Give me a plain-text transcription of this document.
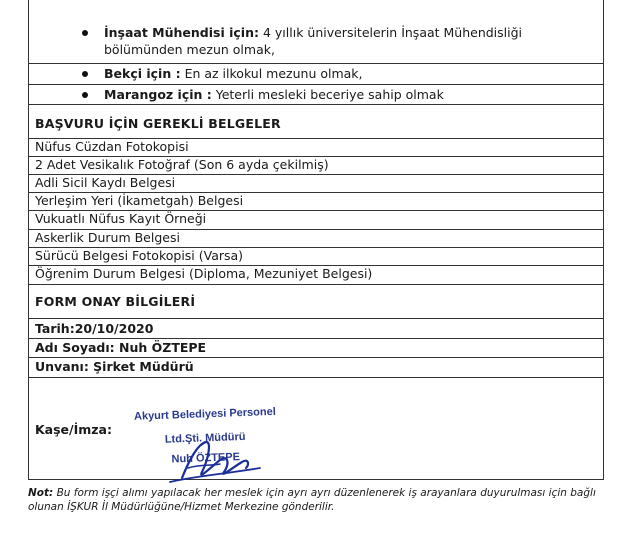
İnşaat Mühendisi için: 4 yıllık üniversitelerin İnşaat Mühendisliği bölümünden mezun olmak,
Bekçi için : En az ilkokul mezunu olmak,
Marangoz için : Yeterli mesleki beceriye sahip olmak
BAŞVURU İÇİN GEREKLİ BELGELER
Nüfus Cüzdan Fotokopisi
2 Adet Vesikalık Fotoğraf (Son 6 ayda çekilmiş)
Adli Sicil Kaydı Belgesi
Yerleşim Yeri (İkametgah) Belgesi
Vukuatlı Nüfus Kayıt Örneği
Askerlik Durum Belgesi
Sürücü Belgesi Fotokopisi (Varsa)
Öğrenim Durum Belgesi (Diploma, Mezuniyet Belgesi)
FORM ONAY BİLGİLERİ
Tarih:20/10/2020
Adı Soyadı: Nuh ÖZTEPE
Unvanı: Şirket Müdürü
Kaşe/İmza:
Akyurt Belediyesi Personel
Ltd.Şti. Müdürü
Nuh ÖZTEPE
Not: Bu form işçi alımı yapılacak her meslek için ayrı ayrı düzenlenerek iş arayanlara duyurulması için bağlı olunan İŞKUR İl Müdürlüğüne/Hizmet Merkezine gönderilir.
